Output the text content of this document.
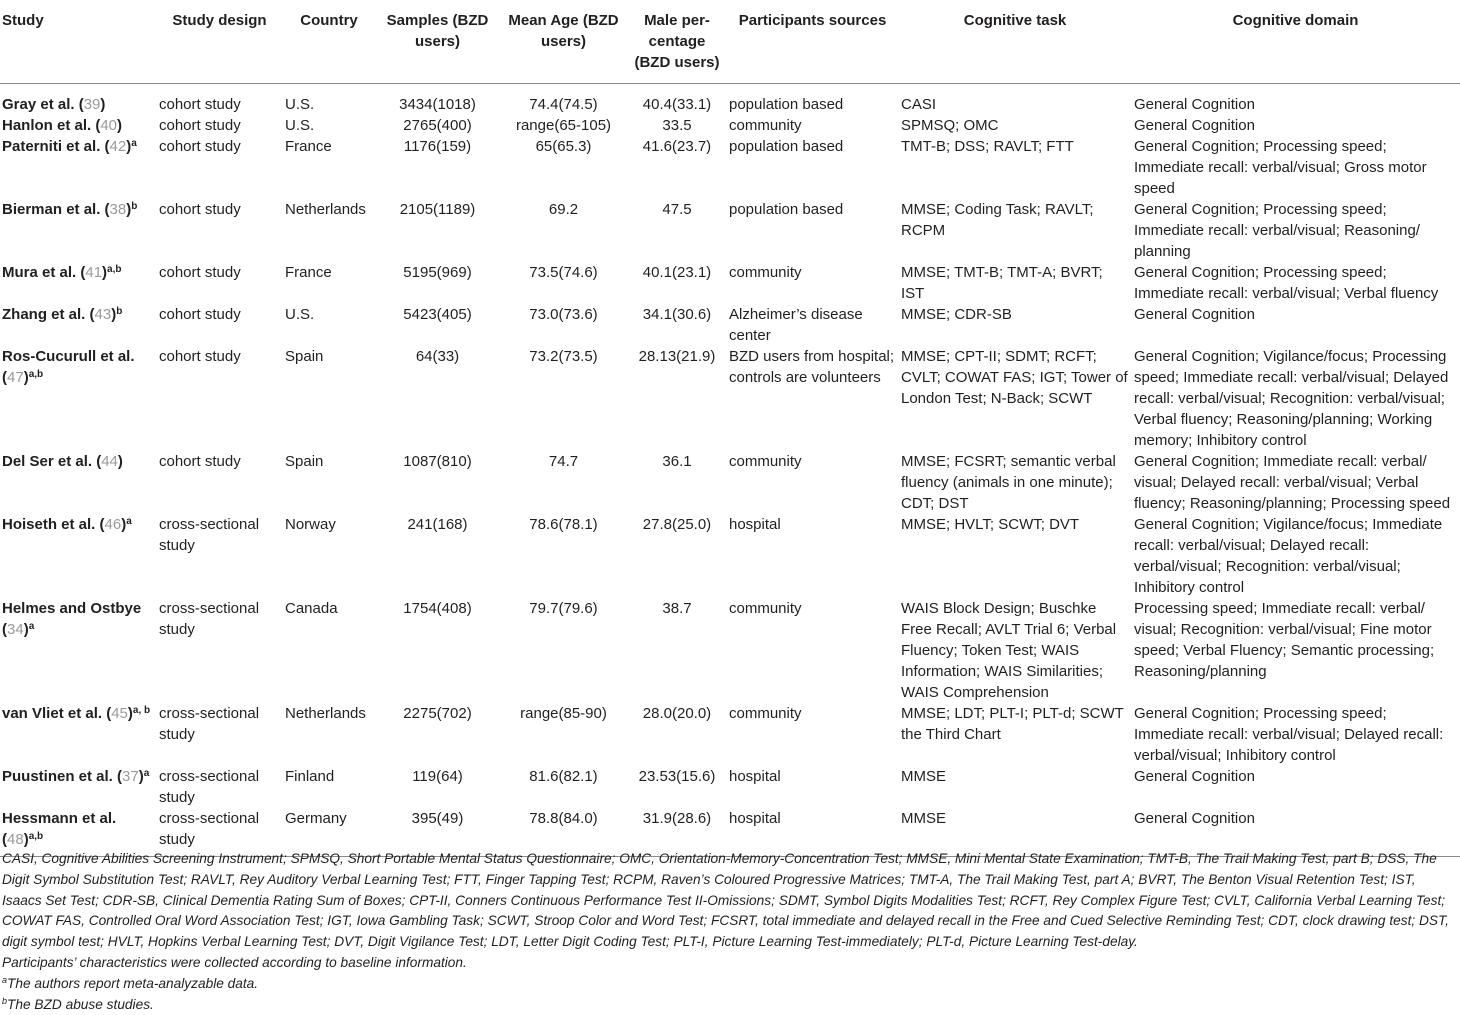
Study	Study design	Country	Samples (BZD users)	Mean Age (BZD users)	Male per-centage (BZD users)	Participants sources	Cognitive task	Cognitive domain
Gray et al. (39)	cohort study	U.S.	3434(1018)	74.4(74.5)	40.4(33.1)	population based	CASI	General Cognition
Hanlon et al. (40)	cohort study	U.S.	2765(400)	range(65-105)	33.5	community	SPMSQ; OMC	General Cognition
Paterniti et al. $(42)^a$	cohort study	France	1176(159)	65(65.3)	41.6(23.7)	population based	TMT-B; DSS; RAVLT; FTT	General Cognition; Processing speed; Immediate recall: verbal/visual; Gross motor speed
Bierman et al. $(38)^b$	cohort study	Netherlands	2105(1189)	69.2	47.5	population based	MMSE; Coding Task; RAVLT; RCPM	General Cognition; Processing speed; Immediate recall: verbal/visual; Reasoning/ planning
Mura et al. $(41)^{a,b}$	cohort study	France	5195(969)	73.5(74.6)	40.1(23.1)	community	MMSE; TMT-B; TMT-A; BVRT; IST	General Cognition; Processing speed; Immediate recall: verbal/visual; Verbal fluency
Zhang et al. $(43)^b$	cohort study	U.S.	5423(405)	73.0(73.6)	34.1(30.6)	Alzheimer’s disease center	MMSE; CDR-SB	General Cognition
Ros-Cucurull et al. $(47)^{a,b}$	cohort study	Spain	64(33)	73.2(73.5)	28.13(21.9)	BZD users from hospital; controls are volunteers	MMSE; CPT-II; SDMT; RCFT; CVLT; COWAT FAS; IGT; Tower of London Test; N-Back; SCWT	General Cognition; Vigilance/focus; Processing speed; Immediate recall: verbal/visual; Delayed recall: verbal/visual; Recognition: verbal/visual; Verbal fluency; Reasoning/planning; Working memory; Inhibitory control
Del Ser et al. (44)	cohort study	Spain	1087(810)	74.7	36.1	community	MMSE; FCSRT; semantic verbal fluency (animals in one minute); CDT; DST	General Cognition; Immediate recall: verbal/ visual; Delayed recall: verbal/visual; Verbal fluency; Reasoning/planning; Processing speed
Hoiseth et al. $(46)^a$	cross-sectional study	Norway	241(168)	78.6(78.1)	27.8(25.0)	hospital	MMSE; HVLT; SCWT; DVT	General Cognition; Vigilance/focus; Immediate recall: verbal/visual; Delayed recall: verbal/visual; Recognition: verbal/visual; Inhibitory control
Helmes and Ostbye $(34)^a$	cross-sectional study	Canada	1754(408)	79.7(79.6)	38.7	community	WAIS Block Design; Buschke Free Recall; AVLT Trial 6; Verbal Fluency; Token Test; WAIS Information; WAIS Similarities; WAIS Comprehension	Processing speed; Immediate recall: verbal/ visual; Recognition: verbal/visual; Fine motor speed; Verbal Fluency; Semantic processing; Reasoning/planning
van Vliet et al. $(45)^{a, b}$	cross-sectional study	Netherlands	2275(702)	range(85-90)	28.0(20.0)	community	MMSE; LDT; PLT-I; PLT-d; SCWT the Third Chart	General Cognition; Processing speed; Immediate recall: verbal/visual; Delayed recall: verbal/visual; Inhibitory control
Puustinen et al. $(37)^a$	cross-sectional study	Finland	119(64)	81.6(82.1)	23.53(15.6)	hospital	MMSE	General Cognition
Hessmann et al. $(48)^{a,b}$	cross-sectional study	Germany	395(49)	78.8(84.0)	31.9(28.6)	hospital	MMSE	General Cognition

CASI, Cognitive Abilities Screening Instrument; SPMSQ, Short Portable Mental Status Questionnaire; OMC, Orientation-Memory-Concentration Test; MMSE, Mini Mental State Examination; TMT-B, The Trail Making Test, part B; DSS, The Digit Symbol Substitution Test; RAVLT, Rey Auditory Verbal Learning Test; FTT, Finger Tapping Test; RCPM, Raven’s Coloured Progressive Matrices; TMT-A, The Trail Making Test, part A; BVRT, The Benton Visual Retention Test; IST, Isaacs Set Test; CDR-SB, Clinical Dementia Rating Sum of Boxes; CPT-II, Conners Continuous Performance Test II-Omissions; SDMT, Symbol Digits Modalities Test; RCFT, Rey Complex Figure Test; CVLT, California Verbal Learning Test; COWAT FAS, Controlled Oral Word Association Test; IGT, Iowa Gambling Task; SCWT, Stroop Color and Word Test; FCSRT, total immediate and delayed recall in the Free and Cued Selective Reminding Test; CDT, clock drawing test; DST, digit symbol test; HVLT, Hopkins Verbal Learning Test; DVT, Digit Vigilance Test; LDT, Letter Digit Coding Test; PLT-I, Picture Learning Test-immediately; PLT-d, Picture Learning Test-delay.

Participants’ characteristics were collected according to baseline information.

$^a$The authors report meta-analyzable data.

$^b$The BZD abuse studies.
